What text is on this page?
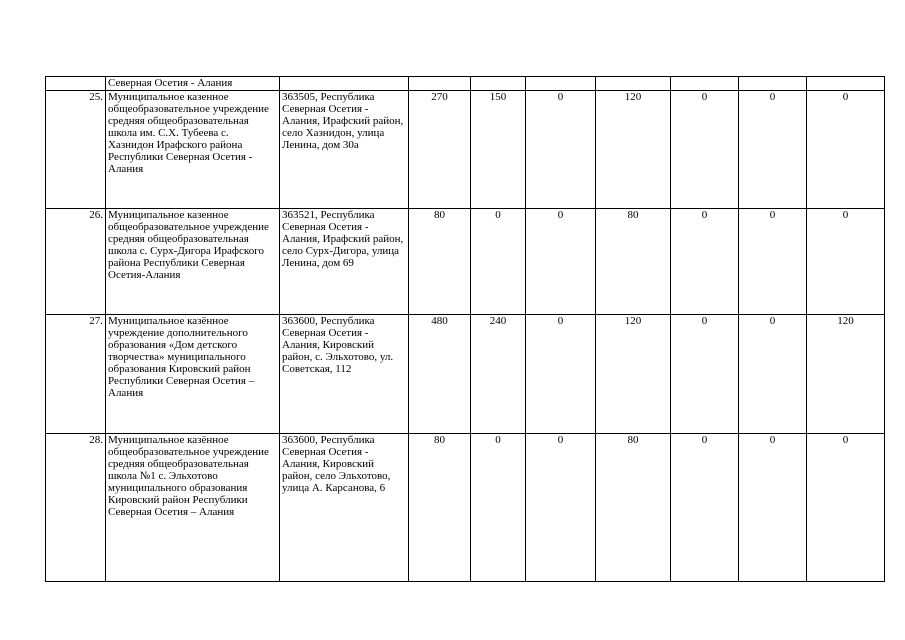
	Северная Осетия - Алания								
25.	Муниципальное казенное общеобразовательное учреждение средняя общеобразовательная школа им. С.Х. Тубеева с. Хазнидон Ирафского района Республики Северная Осетия - Алания	363505, Республика Северная Осетия - Алания, Ирафский район, село Хазнидон, улица Ленина, дом 30а	270	150	0	120	0	0	0
26.	Муниципальное казенное общеобразовательное учреждение средняя общеобразовательная школа с. Сурх-Дигора Ирафского района Республики Северная Осетия-Алания	363521, Республика Северная Осетия - Алания, Ирафский район, село Сурх-Дигора, улица Ленина, дом 69	80	0	0	80	0	0	0
27.	Муниципальное казённое учреждение дополнительного образования «Дом детского творчества» муниципального образования Кировский район Республики Северная Осетия – Алания	363600, Республика Северная Осетия - Алания, Кировский район, с. Эльхотово, ул. Советская, 112	480	240	0	120	0	0	120
28.	Муниципальное казённое общеобразовательное учреждение средняя общеобразовательная школа №1 с. Эльхотово муниципального образования Кировский район Республики Северная Осетия – Алания	363600, Республика Северная Осетия - Алания, Кировский район, село Эльхотово, улица А. Карсанова, 6	80	0	0	80	0	0	0
